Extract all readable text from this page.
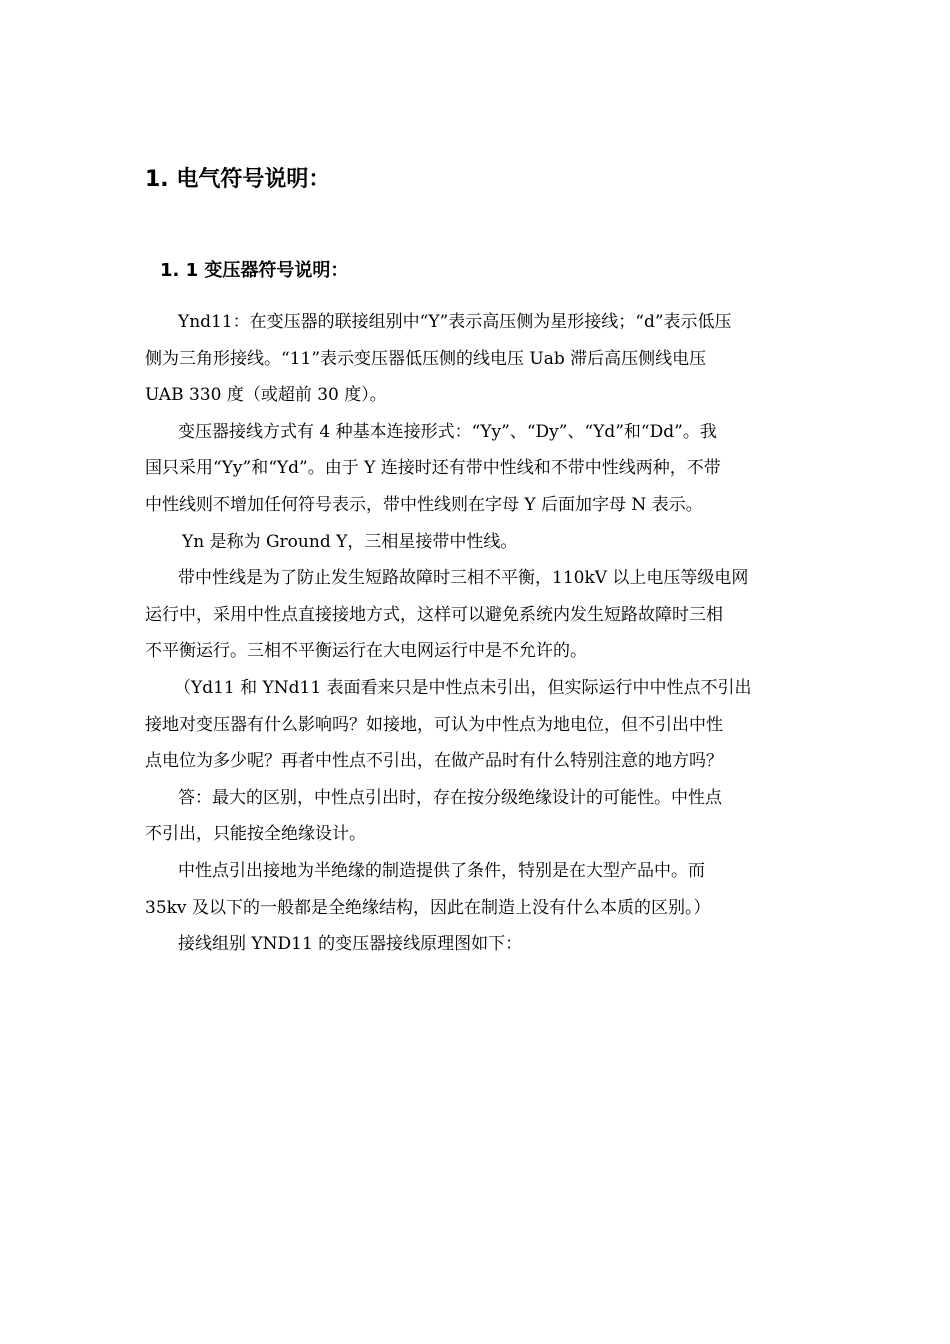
1. 电气符号说明：
1. 1 变压器符号说明：
Ynd11：在变压器的联接组别中“Y”表示高压侧为星形接线；“d”表示低压
侧为三角形接线。“11”表示变压器低压侧的线电压 Uab 滞后高压侧线电压
UAB 330 度（或超前 30 度）。
变压器接线方式有 4 种基本连接形式：“Yy”、“Dy”、“Yd”和“Dd”。我
国只采用“Yy”和“Yd”。由于 Y 连接时还有带中性线和不带中性线两种，不带
中性线则不增加任何符号表示，带中性线则在字母 Y 后面加字母 N 表示。
Yn 是称为 Ground Y，三相星接带中性线。
带中性线是为了防止发生短路故障时三相不平衡，110kV 以上电压等级电网
运行中，采用中性点直接接地方式，这样可以避免系统内发生短路故障时三相
不平衡运行。三相不平衡运行在大电网运行中是不允许的。
（Yd11 和 YNd11 表面看来只是中性点未引出，但实际运行中中性点不引出
接地对变压器有什么影响吗？如接地，可认为中性点为地电位，但不引出中性
点电位为多少呢？再者中性点不引出，在做产品时有什么特别注意的地方吗？
答：最大的区别，中性点引出时，存在按分级绝缘设计的可能性。中性点
不引出，只能按全绝缘设计。
中性点引出接地为半绝缘的制造提供了条件，特别是在大型产品中。而
35kv 及以下的一般都是全绝缘结构，因此在制造上没有什么本质的区别。）
接线组别 YND11 的变压器接线原理图如下：
